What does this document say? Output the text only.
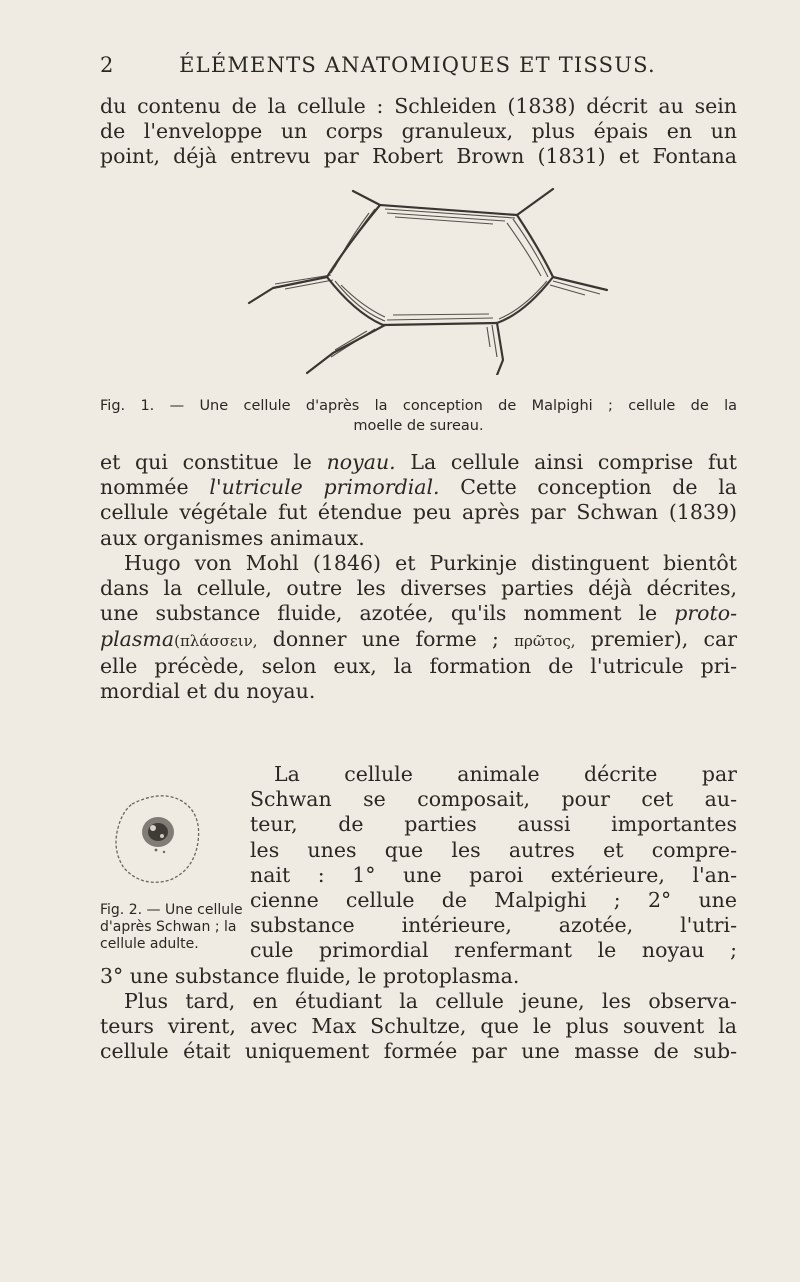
2	ÉLÉMENTS ANATOMIQUES ET TISSUS.
du contenu de la cellule : Schleiden (1838) décrit au sein
de l'enveloppe un corps granuleux, plus épais en un
point, déjà entrevu par Robert Brown (1831) et Fontana
Fig. 1. — Une cellule d'après la conception de Malpighi ; cellule de la
moelle de sureau.
et qui constitue le noyau. La cellule ainsi comprise fut
nommée l'utricule primordial. Cette conception de la
cellule végétale fut étendue peu après par Schwan (1839)
aux organismes animaux.
Hugo von Mohl (1846) et Purkinje distinguent bientôt
dans la cellule, outre les diverses parties déjà décrites,
une substance fluide, azotée, qu'ils nomment le proto-
plasma(πλάσσειν, donner une forme ; πρῶτος, premier), car
elle précède, selon eux, la formation de l'utricule pri-
mordial et du noyau.
Fig. 2. — Une cellule
d'après Schwan ; la
cellule adulte.
La cellule animale décrite par
Schwan se composait, pour cet au-
teur, de parties aussi importantes
les unes que les autres et compre-
nait : 1° une paroi extérieure, l'an-
cienne cellule de Malpighi ; 2° une
substance intérieure, azotée, l'utri-
cule primordial renfermant le noyau ;
3° une substance fluide, le protoplasma.
Plus tard, en étudiant la cellule jeune, les observa-
teurs virent, avec Max Schultze, que le plus souvent la
cellule était uniquement formée par une masse de sub-
